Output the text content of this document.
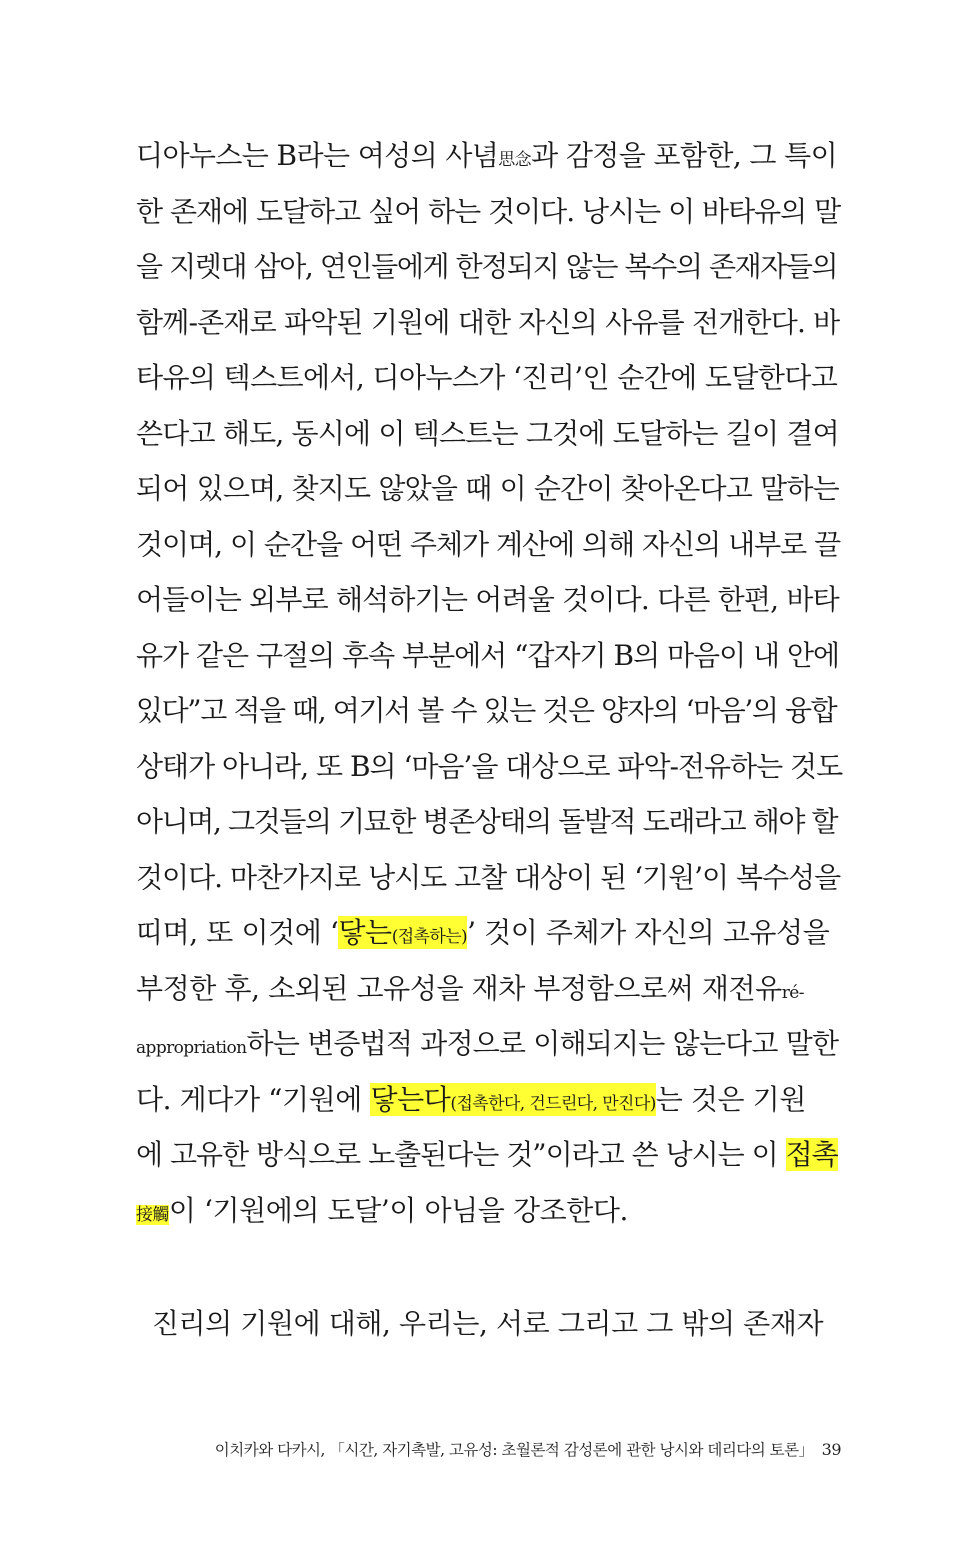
디아누스는 B라는 여성의 사념思念과 감정을 포함한, 그 특이
한 존재에 도달하고 싶어 하는 것이다. 낭시는 이 바타유의 말
을 지렛대 삼아, 연인들에게 한정되지 않는 복수의 존재자들의
함께-존재로 파악된 기원에 대한 자신의 사유를 전개한다. 바
타유의 텍스트에서, 디아누스가 ‘진리’인 순간에 도달한다고
쓴다고 해도, 동시에 이 텍스트는 그것에 도달하는 길이 결여
되어 있으며, 찾지도 않았을 때 이 순간이 찾아온다고 말하는
것이며, 이 순간을 어떤 주체가 계산에 의해 자신의 내부로 끌
어들이는 외부로 해석하기는 어려울 것이다. 다른 한편, 바타
유가 같은 구절의 후속 부분에서 “갑자기 B의 마음이 내 안에
있다”고 적을 때, 여기서 볼 수 있는 것은 양자의 ‘마음’의 융합
상태가 아니라, 또 B의 ‘마음’을 대상으로 파악-전유하는 것도
아니며, 그것들의 기묘한 병존상태의 돌발적 도래라고 해야 할
것이다. 마찬가지로 낭시도 고찰 대상이 된 ‘기원’이 복수성을
띠며, 또 이것에 ‘닿는(접촉하는)’ 것이 주체가 자신의 고유성을
부정한 후, 소외된 고유성을 재차 부정함으로써 재전유ré-
appropriation하는 변증법적 과정으로 이해되지는 않는다고 말한
다. 게다가 “기원에 닿는다(접촉한다, 건드린다, 만진다)는 것은 기원
에 고유한 방식으로 노출된다는 것”이라고 쓴 낭시는 이 접촉
接觸이 ‘기원에의 도달’이 아님을 강조한다.
진리의 기원에 대해, 우리는, 서로 그리고 그 밖의 존재자
이치카와 다카시, 「시간, 자기촉발, 고유성: 초월론적 감성론에 관한 낭시와 데리다의 토론」 39
